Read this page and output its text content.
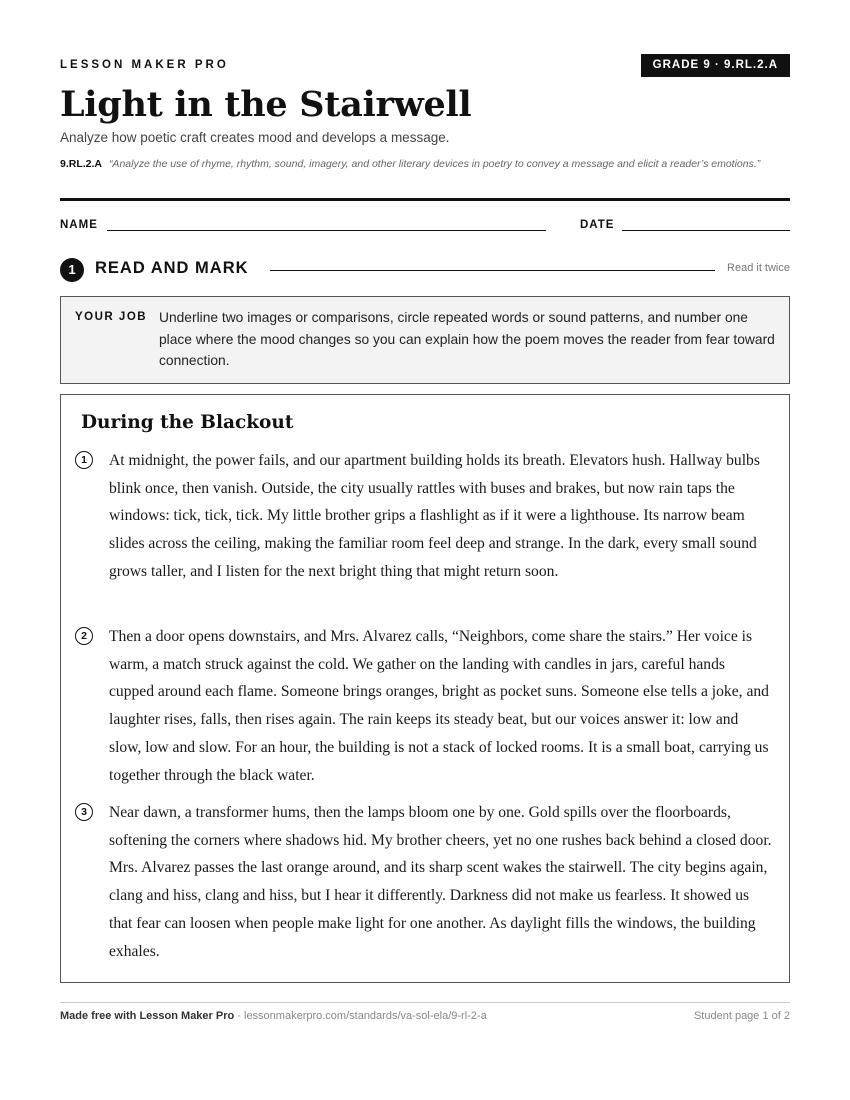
LESSON MAKER PRO	GRADE 9 · 9.RL.2.A
Light in the Stairwell
Analyze how poetic craft creates mood and develops a message.
9.RL.2.A “Analyze the use of rhyme, rhythm, sound, imagery, and other literary devices in poetry to convey a message and elicit a reader’s emotions.”
NAME	DATE
1	READ AND MARK	Read it twice
YOUR JOB Underline two images or comparisons, circle repeated words or sound patterns, and number one place where the mood changes so you can explain how the poem moves the reader from fear toward connection.
During the Blackout
1	At midnight, the power fails, and our apartment building holds its breath. Elevators hush. Hallway bulbs blink once, then vanish. Outside, the city usually rattles with buses and brakes, but now rain taps the windows: tick, tick, tick. My little brother grips a flashlight as if it were a lighthouse. Its narrow beam slides across the ceiling, making the familiar room feel deep and strange. In the dark, every small sound grows taller, and I listen for the next bright thing that might return soon.

2	Then a door opens downstairs, and Mrs. Alvarez calls, “Neighbors, come share the stairs.” Her voice is warm, a match struck against the cold. We gather on the landing with candles in jars, careful hands cupped around each flame. Someone brings oranges, bright as pocket suns. Someone else tells a joke, and laughter rises, falls, then rises again. The rain keeps its steady beat, but our voices answer it: low and slow, low and slow. For an hour, the building is not a stack of locked rooms. It is a small boat, carrying us together through the black water.

3	Near dawn, a transformer hums, then the lamps bloom one by one. Gold spills over the floorboards, softening the corners where shadows hid. My brother cheers, yet no one rushes back behind a closed door. Mrs. Alvarez passes the last orange around, and its sharp scent wakes the stairwell. The city begins again, clang and hiss, clang and hiss, but I hear it differently. Darkness did not make us fearless. It showed us that fear can loosen when people make light for one another. As daylight fills the windows, the building exhales.

Made free with Lesson Maker Pro · lessonmakerpro.com/standards/va-sol-ela/9-rl-2-a	Student page 1 of 2
